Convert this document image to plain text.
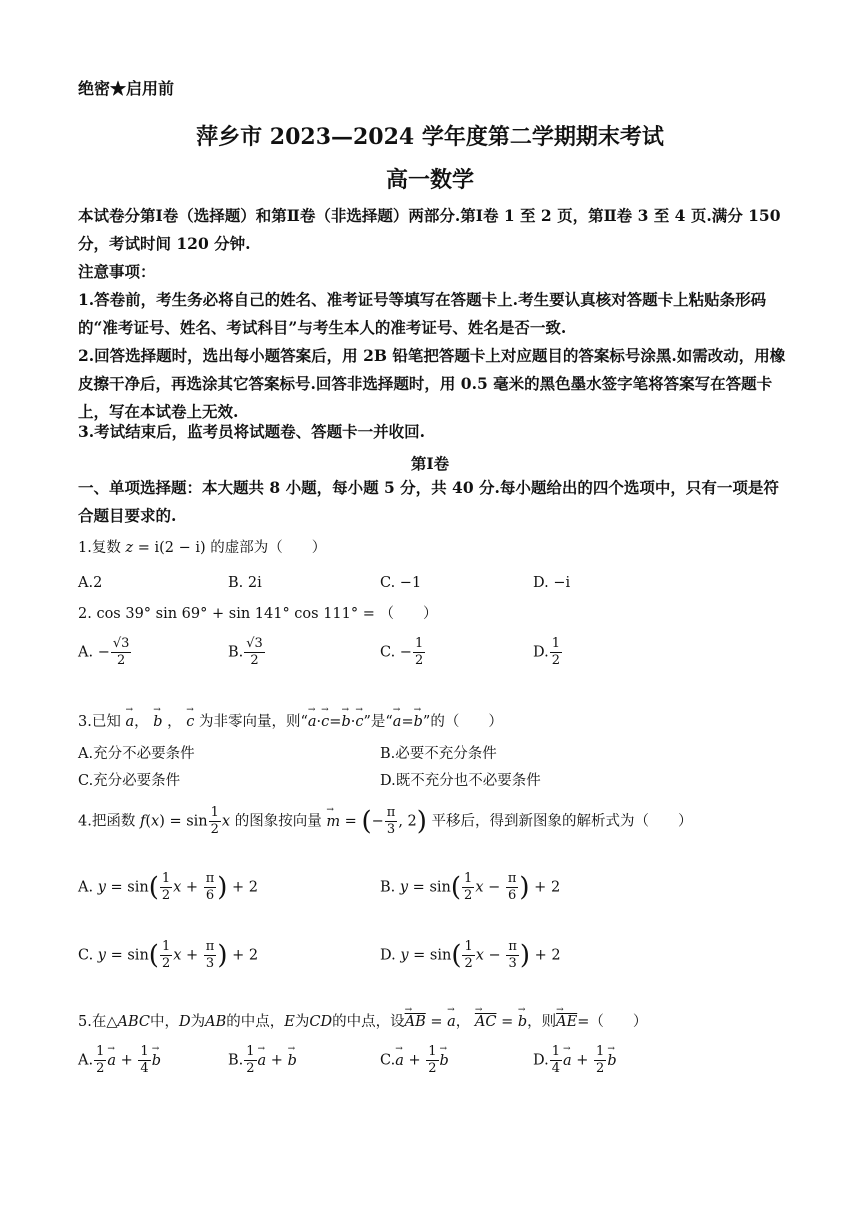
绝密★启用前
萍乡市 2023—2024 学年度第二学期期末考试
高一数学
本试卷分第Ⅰ卷（选择题）和第Ⅱ卷（非选择题）两部分.第Ⅰ卷 1 至 2 页，第Ⅱ卷 3 至 4 页.满分 150 分，考试时间 120 分钟.
注意事项：
1.答卷前，考生务必将自己的姓名、准考证号等填写在答题卡上.考生要认真核对答题卡上粘贴条形码的“准考证号、姓名、考试科目”与考生本人的准考证号、姓名是否一致.
2.回答选择题时，选出每小题答案后，用 2B 铅笔把答题卡上对应题目的答案标号涂黑.如需改动，用橡皮擦干净后，再选涂其它答案标号.回答非选择题时，用 0.5 毫米的黑色墨水签字笔将答案写在答题卡上，写在本试卷上无效.
3.考试结束后，监考员将试题卷、答题卡一并收回.
第Ⅰ卷
一、单项选择题：本大题共 8 小题，每小题 5 分，共 40 分.每小题给出的四个选项中，只有一项是符合题目要求的.
1.复数 z = i(2 − i) 的虚部为（　　）
A.2	B. 2i	C. −1	D. −i
2. cos 39° sin 69° + sin 141° cos 111° = （　　）
A. − $\frac{√3}{2}$	B. $\frac{√3}{2}$	C. − $\frac{1}{2}$	D. $\frac{1}{2}$
3.已知 → a， → b ， → c 为非零向量，则“→ a·→ c=→ b·→ c”是“→ a=→ b”的（　　）
A.充分不必要条件	B.必要不充分条件
C.充分必要条件	D.既不充分也不必要条件
4.把函数 $f(x) = \sin \frac{1}{2}$ x 的图象按向量 → m = (− $\frac{\pi}{3}$ , 2) 平移后，得到新图象的解析式为（　　）
A. $y = \sin( \frac{1}{2}$ $x + \frac{\pi}{6}$ ) + 2	B. $y = \sin( \frac{1}{2}$ $x - \frac{\pi}{6}$ ) + 2
C. $y = \sin( \frac{1}{2}$ $x + \frac{\pi}{3}$ ) + 2	D. $y = \sin( \frac{1}{2}$ $x - \frac{\pi}{3}$ ) + 2
5.在△ABC中，D为AB的中点，E为CD的中点，设→ $\overline{AB}$ = → a， → $\overline{AC}$ = → b，则→ $\overline{AE}=$（　　）
A. $\frac{1}{2} \to a + \frac{1}{4} \to b$	B. $\frac{1}{2} \to a$ + → b	$C.\to a + \frac{1}{2} \to b$	D. $\frac{1}{4} \to a + \frac{1}{2} \to b$
